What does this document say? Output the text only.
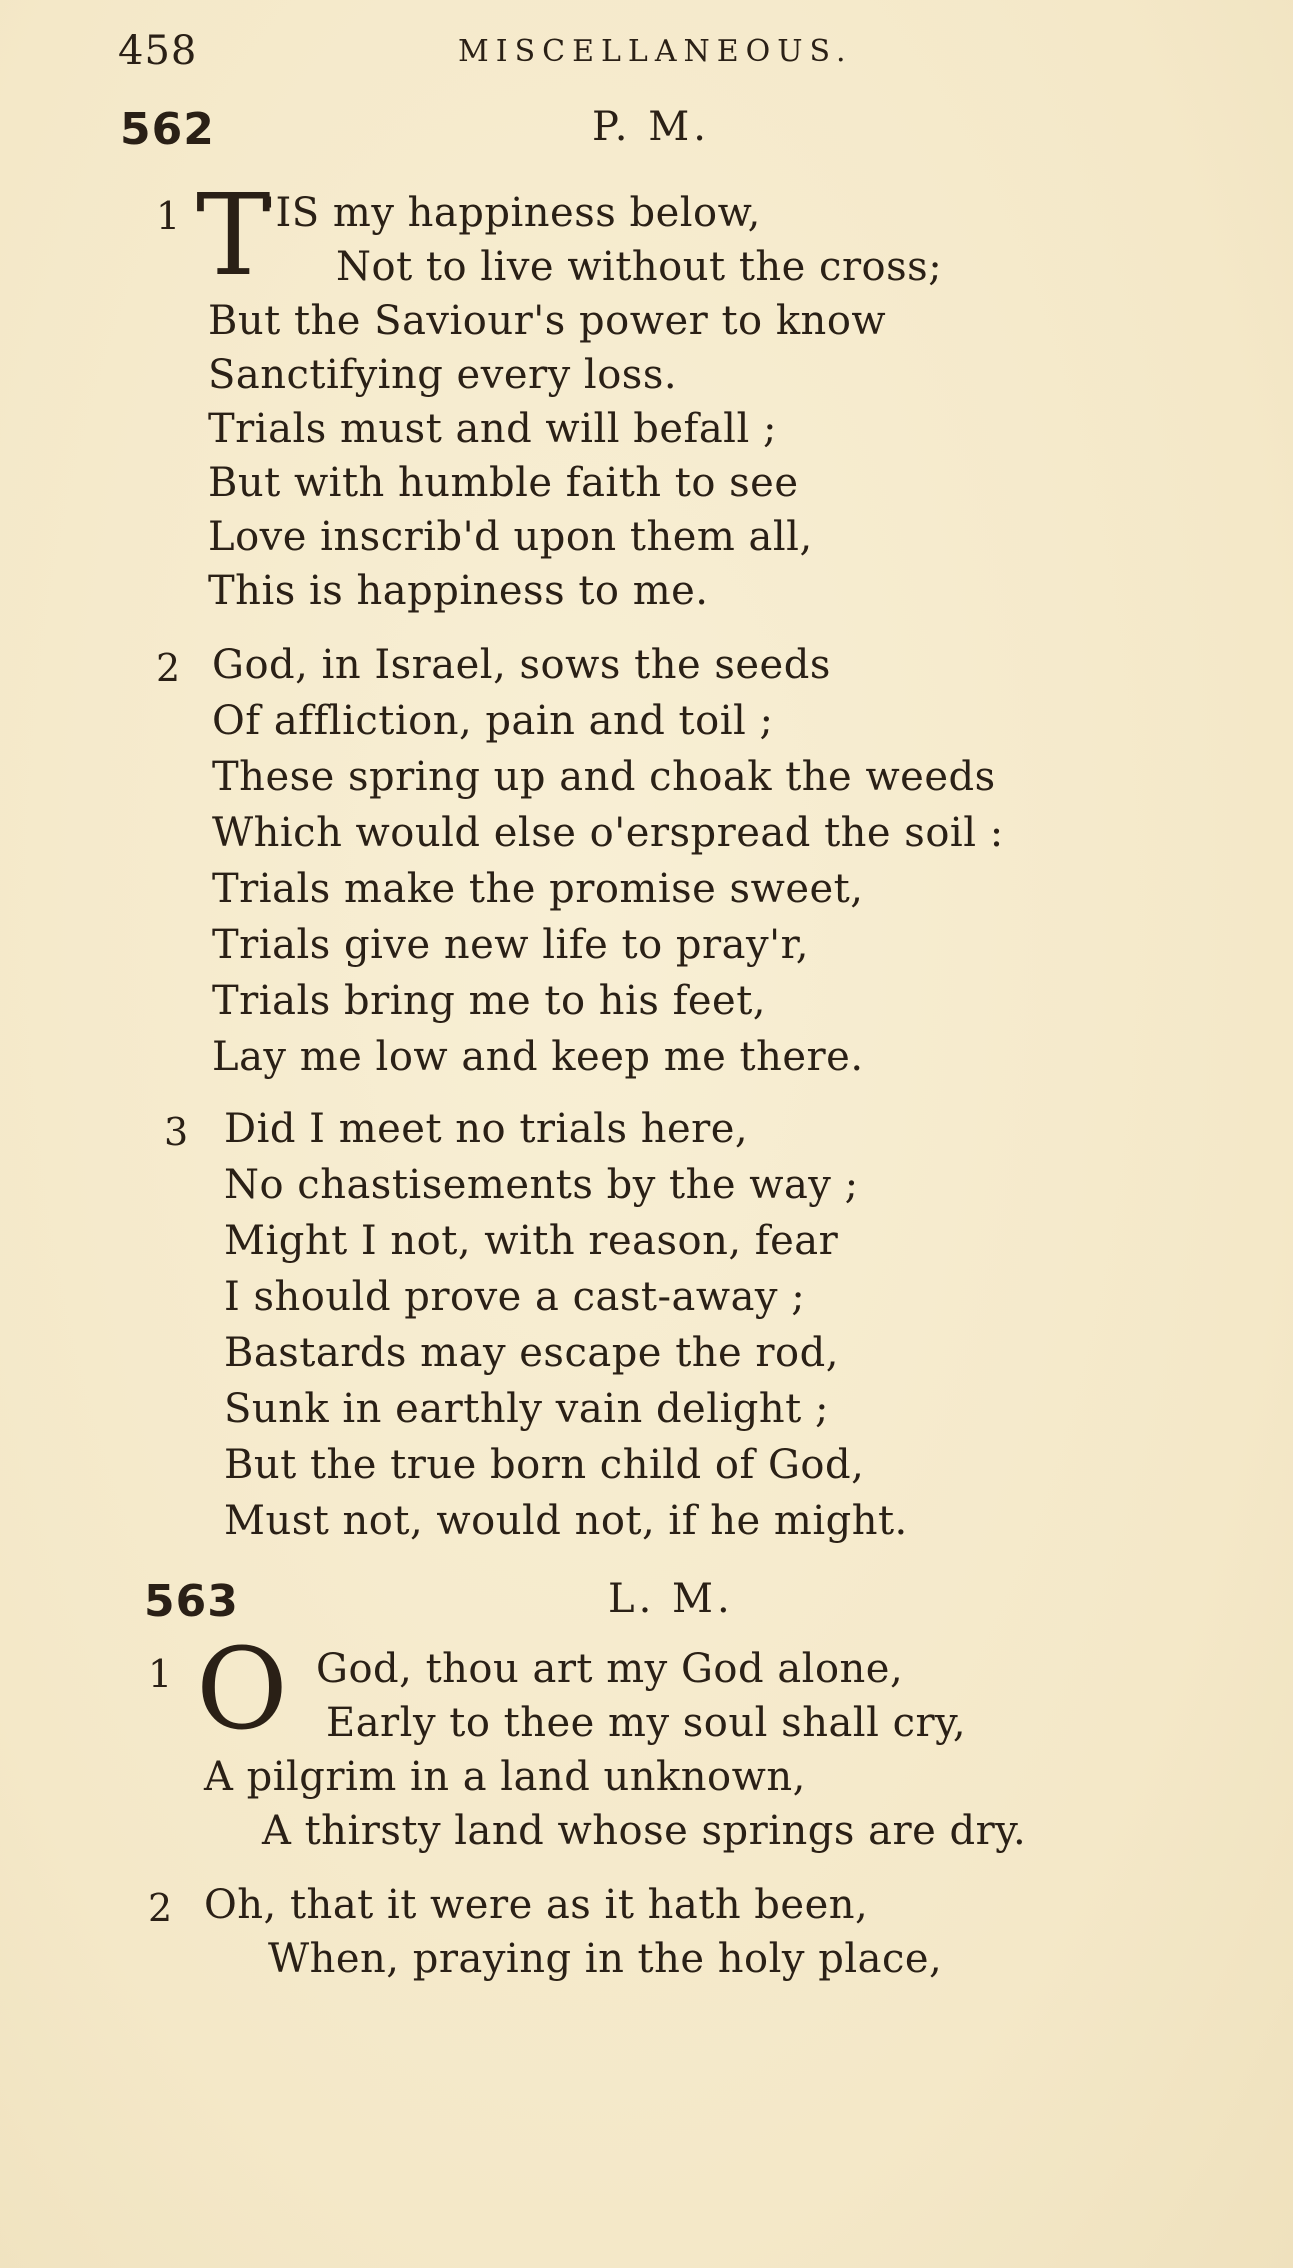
458	MISCELLANEOUS.
562	P. M.
1 T
'IS my happiness below,
Not to live without the cross;
But the Saviour's power to know
Sanctifying every loss.
Trials must and will befall ;
But with humble faith to see
Love inscrib'd upon them all,
This is happiness to me.
2 God, in Israel, sows the seeds
Of affliction, pain and toil ;
These spring up and choak the weeds
Which would else o'erspread the soil :
Trials make the promise sweet,
Trials give new life to pray'r,
Trials bring me to his feet,
Lay me low and keep me there.
3 Did I meet no trials here,
No chastisements by the way ;
Might I not, with reason, fear
I should prove a cast-away ;
Bastards may escape the rod,
Sunk in earthly vain delight ;
But the true born child of God,
Must not, would not, if he might.
563	L. M.
1 O God, thou art my God alone,
Early to thee my soul shall cry,
A pilgrim in a land unknown,
A thirsty land whose springs are dry.
2 Oh, that it were as it hath been,
When, praying in the holy place,
